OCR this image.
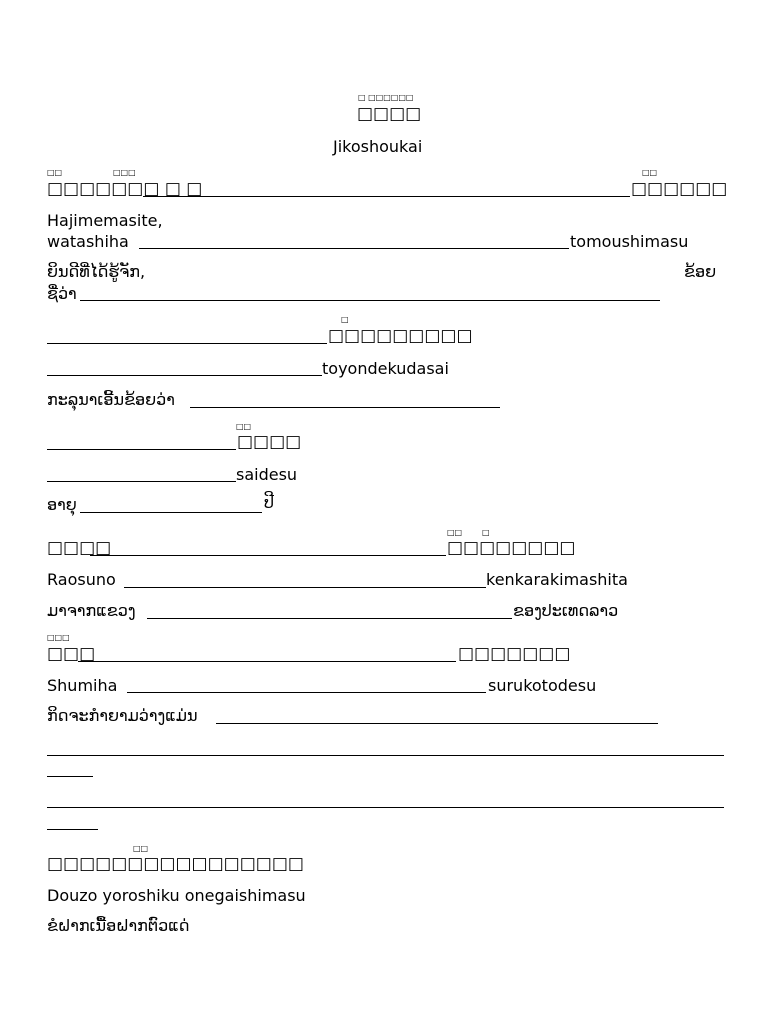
□ □□□□□□
□□□□
Jikoshoukai
□□	□□□	□□
□□□□□□□ □ □	□□□□□□
Hajimemasite,
watashiha	tomoushimasu
ຍິນດີທີ່ໄດ້ຮູ້ຈັກ,	ຂ້ອຍ
ຊື່ວ່າ
□
□□□□□□□□□
toyondekudasai
ກະລຸນາເອີ້ນຂ້ອຍວ່າ
□□
□□□□
saidesu
ອາຍຸ	ປີ
□□ □
□□□□	□□□□□□□□
Raosuno	kenkarakimashita
ມາຈາກແຂວງ	ຂອງປະເທດລາວ
□□□
□□□	□□□□□□□
Shumiha	surukotodesu
ກິດຈະກຳຍາມວ່າງແມ່ນ
□□
□□□□□□□□□□□□□□□□
Douzo yoroshiku onegaishimasu
ຂໍຝາກເນື້ອຝາກຕົວແດ່
